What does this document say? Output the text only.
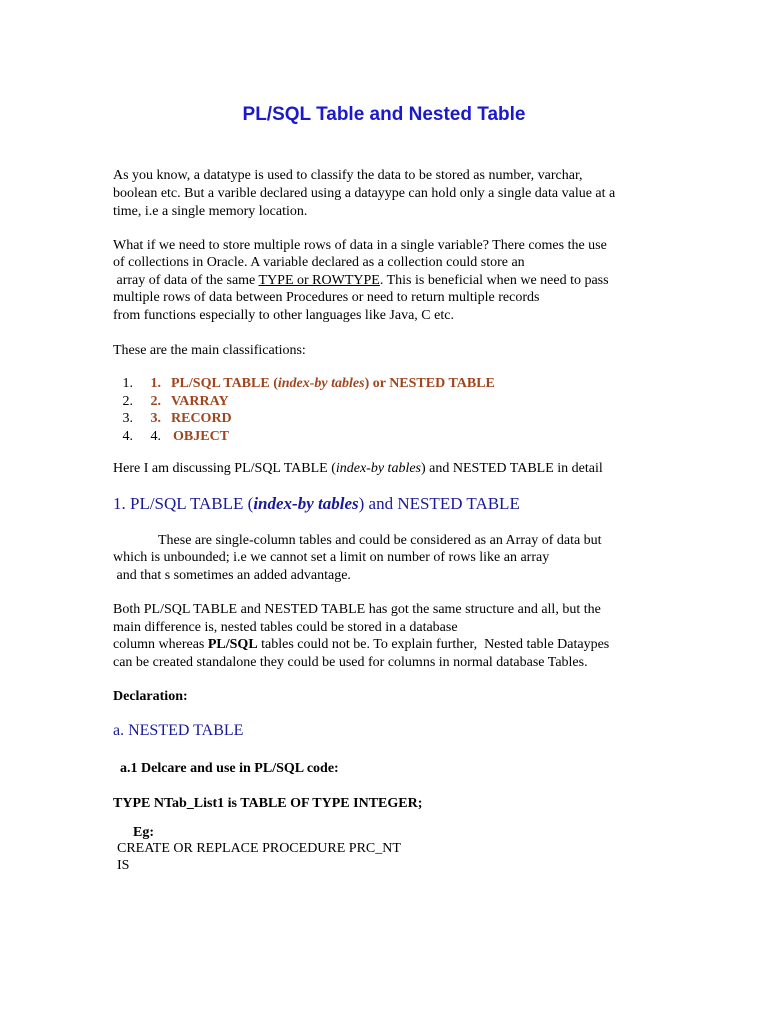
PL/SQL Table and Nested Table
As you know, a datatype is used to classify the data to be stored as number, varchar,
boolean etc. But a varible declared using a datayype can hold only a single data value at a
time, i.e a single memory location.
What if we need to store multiple rows of data in a single variable? There comes the use
of collections in Oracle. A variable declared as a collection could store an
array of data of the same TYPE or ROWTYPE. This is beneficial when we need to pass
multiple rows of data between Procedures or need to return multiple records
from functions especially to other languages like Java, C etc.
These are the main classifications:
1. 1. PL/SQL TABLE (index-by tables) or NESTED TABLE
2. 2. VARRAY
3. 3. RECORD
4. 4. OBJECT
Here I am discussing PL/SQL TABLE (index-by tables) and NESTED TABLE in detail
1. PL/SQL TABLE (index-by tables) and NESTED TABLE
These are single-column tables and could be considered as an Array of data but
which is unbounded; i.e we cannot set a limit on number of rows like an array
and that s sometimes an added advantage.
Both PL/SQL TABLE and NESTED TABLE has got the same structure and all, but the
main difference is, nested tables could be stored in a database
column whereas PL/SQL tables could not be. To explain further,  Nested table Dataypes
can be created standalone they could be used for columns in normal database Tables.
Declaration:
a. NESTED TABLE
a.1 Delcare and use in PL/SQL code:
TYPE NTab_List1 is TABLE OF TYPE INTEGER;
Eg:
CREATE OR REPLACE PROCEDURE PRC_NT
IS
